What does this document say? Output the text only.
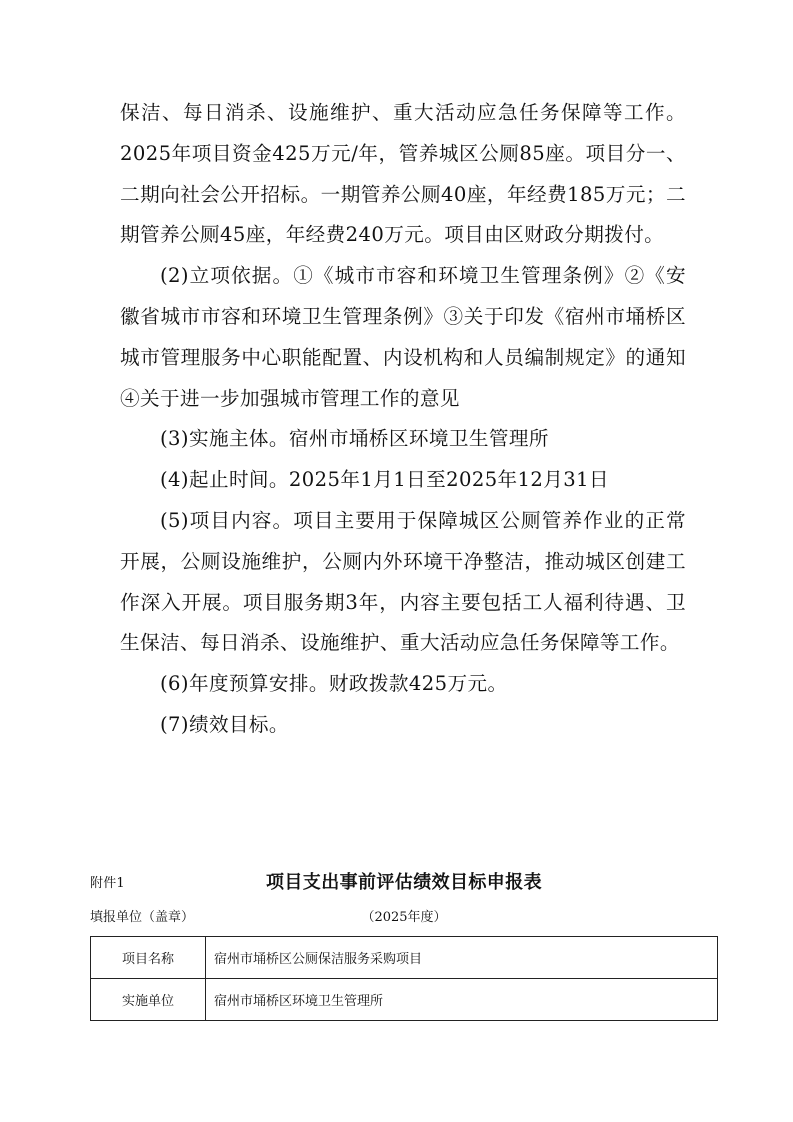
保洁、每日消杀、设施维护、重大活动应急任务保障等工作。2025年项目资金425万元/年，管养城区公厕85座。项目分一、二期向社会公开招标。一期管养公厕40座，年经费185万元；二期管养公厕45座，年经费240万元。项目由区财政分期拨付。

(2)立项依据。①《城市市容和环境卫生管理条例》②《安徽省城市市容和环境卫生管理条例》③关于印发《宿州市埇桥区城市管理服务中心职能配置、内设机构和人员编制规定》的通知 ④关于进一步加强城市管理工作的意见

(3)实施主体。宿州市埇桥区环境卫生管理所

(4)起止时间。2025年1月1日至2025年12月31日

(5)项目内容。项目主要用于保障城区公厕管养作业的正常开展，公厕设施维护，公厕内外环境干净整洁，推动城区创建工作深入开展。项目服务期3年，内容主要包括工人福利待遇、卫生保洁、每日消杀、设施维护、重大活动应急任务保障等工作。

(6)年度预算安排。财政拨款425万元。

(7)绩效目标。

附件1	项目支出事前评估绩效目标申报表
填报单位（盖章）	（2025年度）
项目名称	宿州市埇桥区公厕保洁服务采购项目
实施单位	宿州市埇桥区环境卫生管理所
